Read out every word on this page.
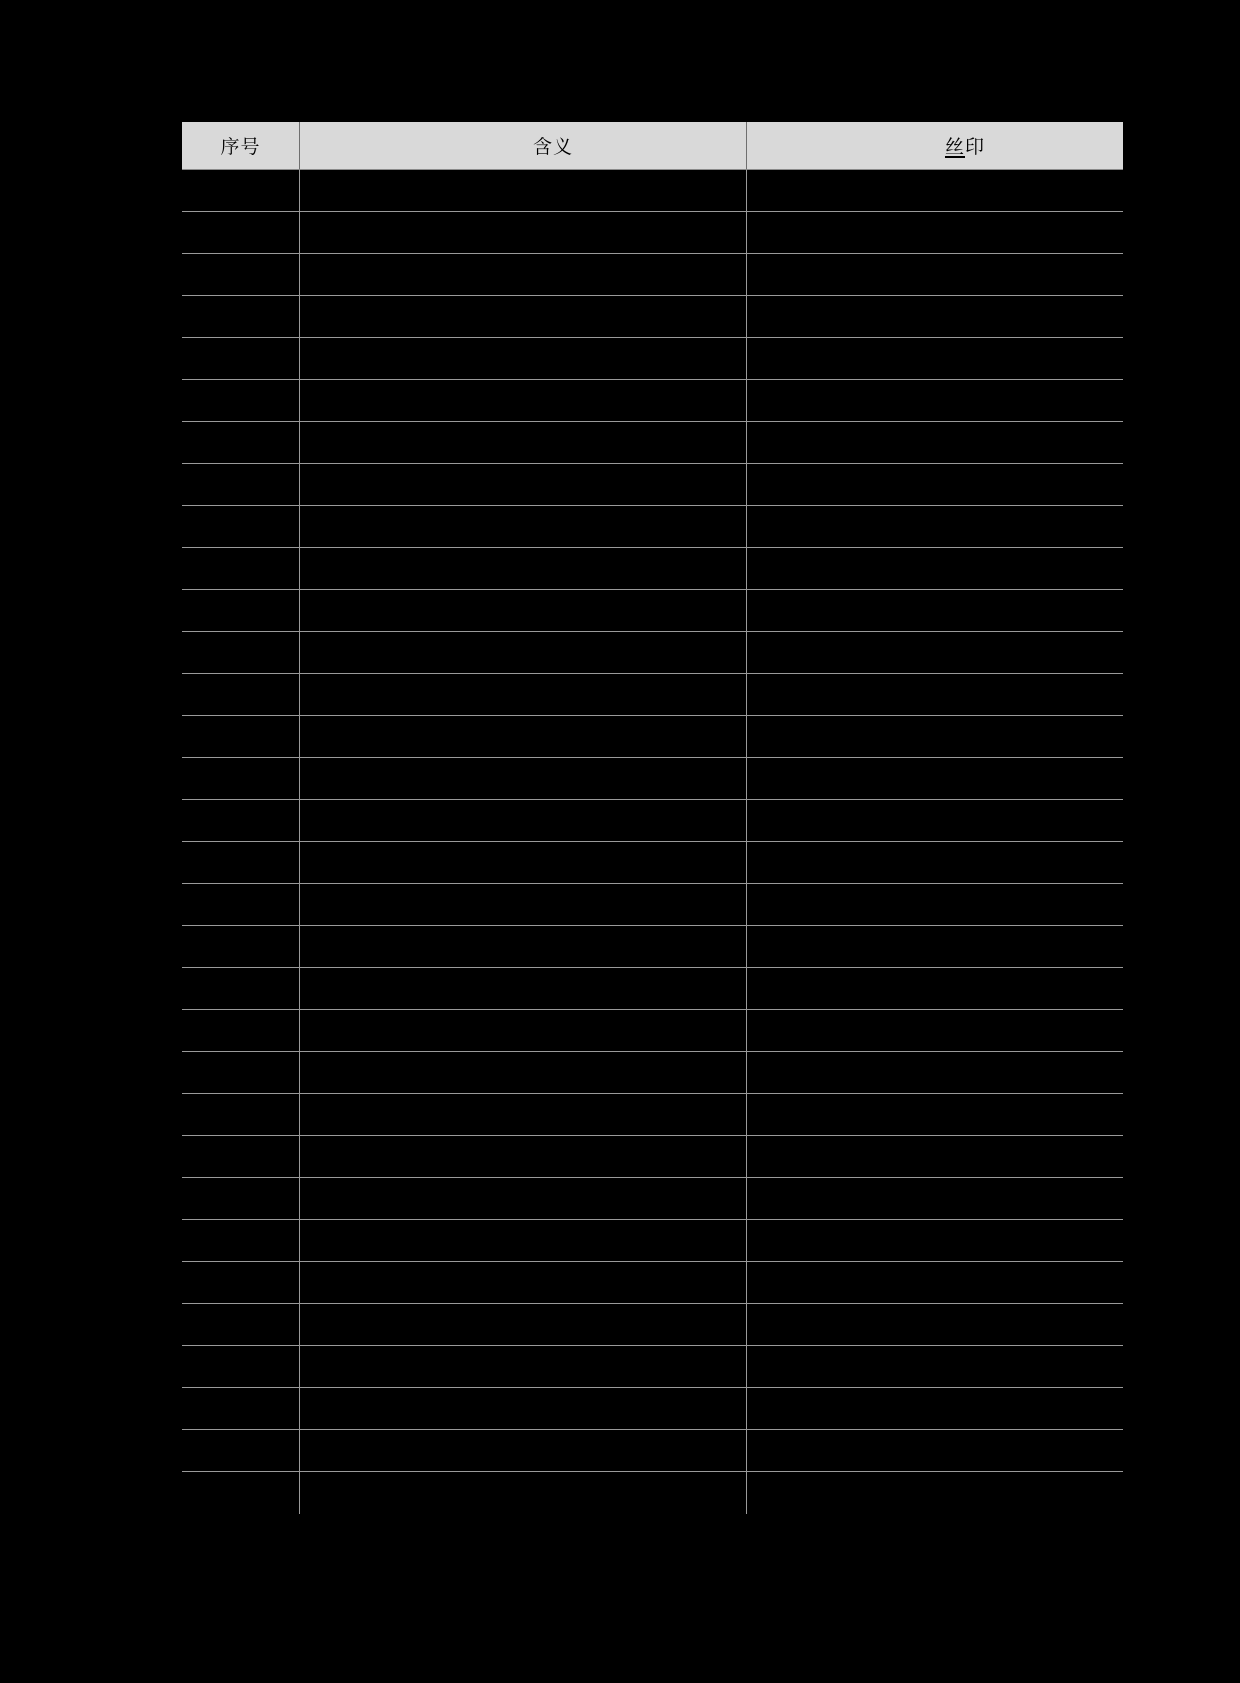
序号	含义	丝印
